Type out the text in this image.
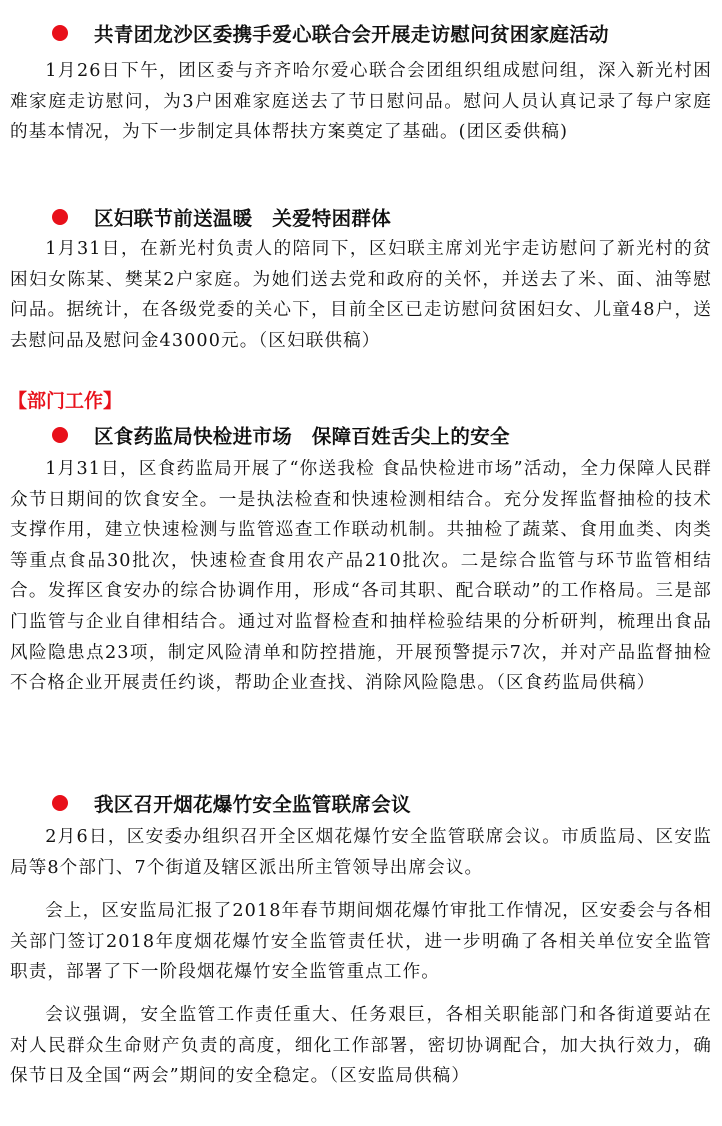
共青团龙沙区委携手爱心联合会开展走访慰问贫困家庭活动

1月26日下午，团区委与齐齐哈尔爱心联合会团组织组成慰问组，深入新光村困难家庭走访慰问，为3户困难家庭送去了节日慰问品。慰问人员认真记录了每户家庭的基本情况，为下一步制定具体帮扶方案奠定了基础。(团区委供稿)

区妇联节前送温暖　关爱特困群体

1月31日，在新光村负责人的陪同下，区妇联主席刘光宇走访慰问了新光村的贫困妇女陈某、樊某2户家庭。为她们送去党和政府的关怀，并送去了米、面、油等慰问品。据统计，在各级党委的关心下，目前全区已走访慰问贫困妇女、儿童48户，送去慰问品及慰问金43000元。（区妇联供稿）

【部门工作】
区食药监局快检进市场　保障百姓舌尖上的安全

1月31日，区食药监局开展了“你送我检 食品快检进市场”活动，全力保障人民群众节日期间的饮食安全。一是执法检查和快速检测相结合。充分发挥监督抽检的技术支撑作用，建立快速检测与监管巡查工作联动机制。共抽检了蔬菜、食用血类、肉类等重点食品30批次，快速检查食用农产品210批次。二是综合监管与环节监管相结合。发挥区食安办的综合协调作用，形成“各司其职、配合联动”的工作格局。三是部门监管与企业自律相结合。通过对监督检查和抽样检验结果的分析研判，梳理出食品风险隐患点23项，制定风险清单和防控措施，开展预警提示7次，并对产品监督抽检不合格企业开展责任约谈，帮助企业查找、消除风险隐患。（区食药监局供稿）

我区召开烟花爆竹安全监管联席会议

2月6日，区安委办组织召开全区烟花爆竹安全监管联席会议。市质监局、区安监局等8个部门、7个街道及辖区派出所主管领导出席会议。

会上，区安监局汇报了2018年春节期间烟花爆竹审批工作情况，区安委会与各相关部门签订2018年度烟花爆竹安全监管责任状，进一步明确了各相关单位安全监管职责，部署了下一阶段烟花爆竹安全监管重点工作。

会议强调，安全监管工作责任重大、任务艰巨，各相关职能部门和各街道要站在对人民群众生命财产负责的高度，细化工作部署，密切协调配合，加大执行效力，确保节日及全国“两会”期间的安全稳定。（区安监局供稿）
